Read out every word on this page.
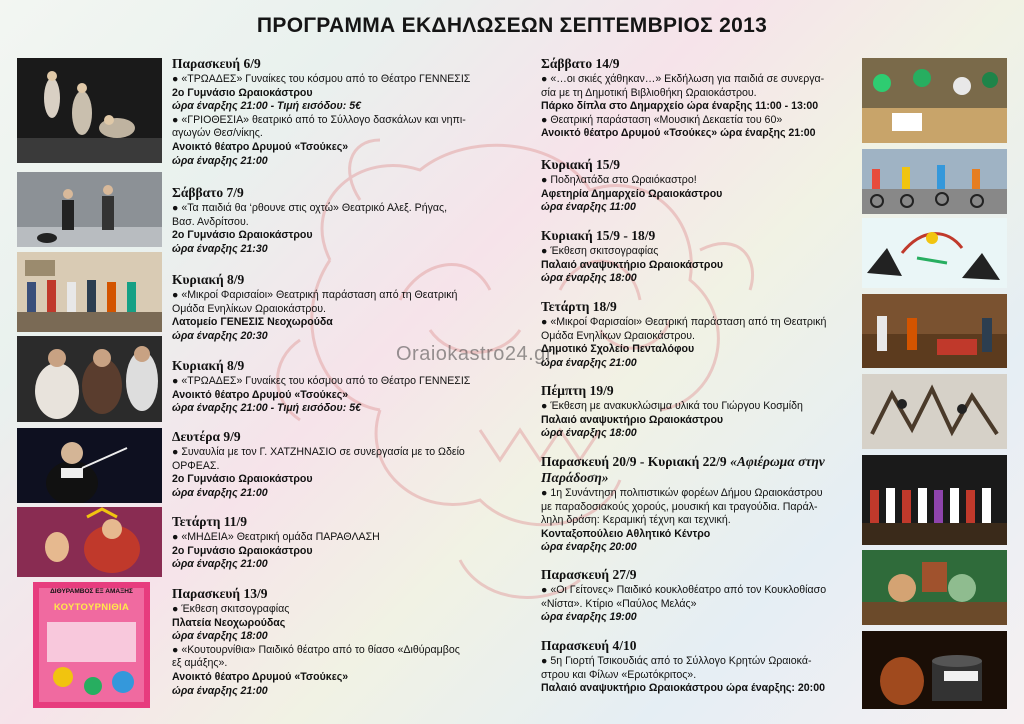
ΠΡΟΓΡΑΜΜΑ ΕΚΔΗΛΩΣΕΩΝ ΣΕΠΤΕΜΒΡΙΟΣ 2013
ΔΙΘΥΡΑΜΒΟΣ ΕΞ ΑΜΑΞΗΣ
ΚΟΥΤΟΥΡΝΙΘΙΑ
Oraiokastro24.gr
Παρασκευή 6/9
● «ΤΡΩΑΔΕΣ» Γυναίκες του κόσμου από το Θέατρο ΓΕΝΝΕΣΙΣ
2ο Γυμνάσιο Ωραιοκάστρου
ώρα έναρξης 21:00 - Τιμή εισόδου: 5€
● «ΓΡΙΟΘΕΣΙΑ» θεατρικό από το Σύλλογο δασκάλων και νηπι-
αγωγών Θεσ/νίκης.
Ανοικτό θέατρο Δρυμού «Τσούκες»
ώρα έναρξης 21:00
Σάββατο 7/9
● «Τα παιδιά θα ‘ρθουνε στις οχτώ» Θεατρικό Αλεξ. Ρήγας,
Βασ. Ανδρίτσου.
2ο Γυμνάσιο Ωραιοκάστρου
ώρα έναρξης 21:30
Κυριακή 8/9
● «Μικροί Φαρισαίοι» Θεατρική παράσταση από τη Θεατρική
Ομάδα Ενηλίκων Ωραιοκάστρου.
Λατομείο ΓΕΝΕΣΙΣ Νεοχωρούδα
ώρα έναρξης 20:30
Κυριακή 8/9
● «ΤΡΩΑΔΕΣ» Γυναίκες του κόσμου από το Θέατρο ΓΕΝΝΕΣΙΣ
Ανοικτό θέατρο Δρυμού «Τσούκες»
ώρα έναρξης 21:00 - Τιμή εισόδου: 5€
Δευτέρα 9/9
● Συναυλία με τον Γ. ΧΑΤΖΗΝΑΣΙΟ σε συνεργασία με το Ωδείο
ΟΡΦΕΑΣ.
2ο Γυμνάσιο Ωραιοκάστρου
ώρα έναρξης 21:00
Τετάρτη 11/9
● «ΜΗΔΕΙΑ» Θεατρική ομάδα ΠΑΡΑΘΛΑΣΗ
2ο Γυμνάσιο Ωραιοκάστρου
ώρα έναρξης 21:00
Παρασκευή 13/9
● Έκθεση σκιτσογραφίας
Πλατεία Νεοχωρούδας
ώρα έναρξης 18:00
● «Κουτουρνίθια» Παιδικό θέατρο από το θίασο «Διθύραμβος
εξ αμάξης».
Ανοικτό θέατρο Δρυμού «Τσούκες»
ώρα έναρξης 21:00
Σάββατο 14/9
● «…οι σκιές χάθηκαν…» Εκδήλωση για παιδιά σε συνεργα-
σία με τη Δημοτική Βιβλιοθήκη Ωραιοκάστρου.
Πάρκο δίπλα στο Δημαρχείο ώρα έναρξης 11:00 - 13:00
● Θεατρική παράσταση «Μουσική Δεκαετία του 60»
Ανοικτό θέατρο Δρυμού «Τσούκες» ώρα έναρξης 21:00
Κυριακή 15/9
● Ποδηλατάδα στο Ωραιόκαστρο!
Αφετηρία Δημαρχείο Ωραιοκάστρου
ώρα έναρξης 11:00
Κυριακή 15/9 - 18/9
● Έκθεση σκιτσογραφίας
Παλαιό αναψυκτήριο Ωραιοκάστρου
ώρα έναρξης 18:00
Τετάρτη 18/9
● «Μικροί Φαρισαίοι» Θεατρική παράσταση από τη Θεατρική
Ομάδα Ενηλίκων Ωραιοκάστρου.
Δημοτικό Σχολείο Πενταλόφου
ώρα έναρξης 21:00
Πέμπτη 19/9
● Έκθεση με ανακυκλώσιμα υλικά του Γιώργου Κοσμίδη
Παλαιό αναψυκτήριο Ωραιοκάστρου
ώρα έναρξης 18:00
Παρασκευή 20/9 - Κυριακή 22/9 «Αφιέρωμα στην Παράδοση»
● 1η Συνάντηση πολιτιστικών φορέων Δήμου Ωραιοκάστρου
με παραδοσιακούς χορούς, μουσική και τραγούδια. Παράλ-
ληλη δράση: Κεραμική τέχνη και τεχνική.
Κονταξοπούλειο Αθλητικό Κέντρο
ώρα έναρξης 20:00
Παρασκευή 27/9
● «Οι Γείτονες» Παιδικό κουκλοθέατρο από τον Κουκλοθίασο
«Νίστα». Κτίριο «Παύλος Μελάς»
ώρα έναρξης 19:00
Παρασκευή 4/10
● 5η Γιορτή Τσικουδιάς από το Σύλλογο Κρητών Ωραιοκά-
στρου και Φίλων «Ερωτόκριτος».
Παλαιό αναψυκτήριο Ωραιοκάστρου ώρα έναρξης: 20:00
